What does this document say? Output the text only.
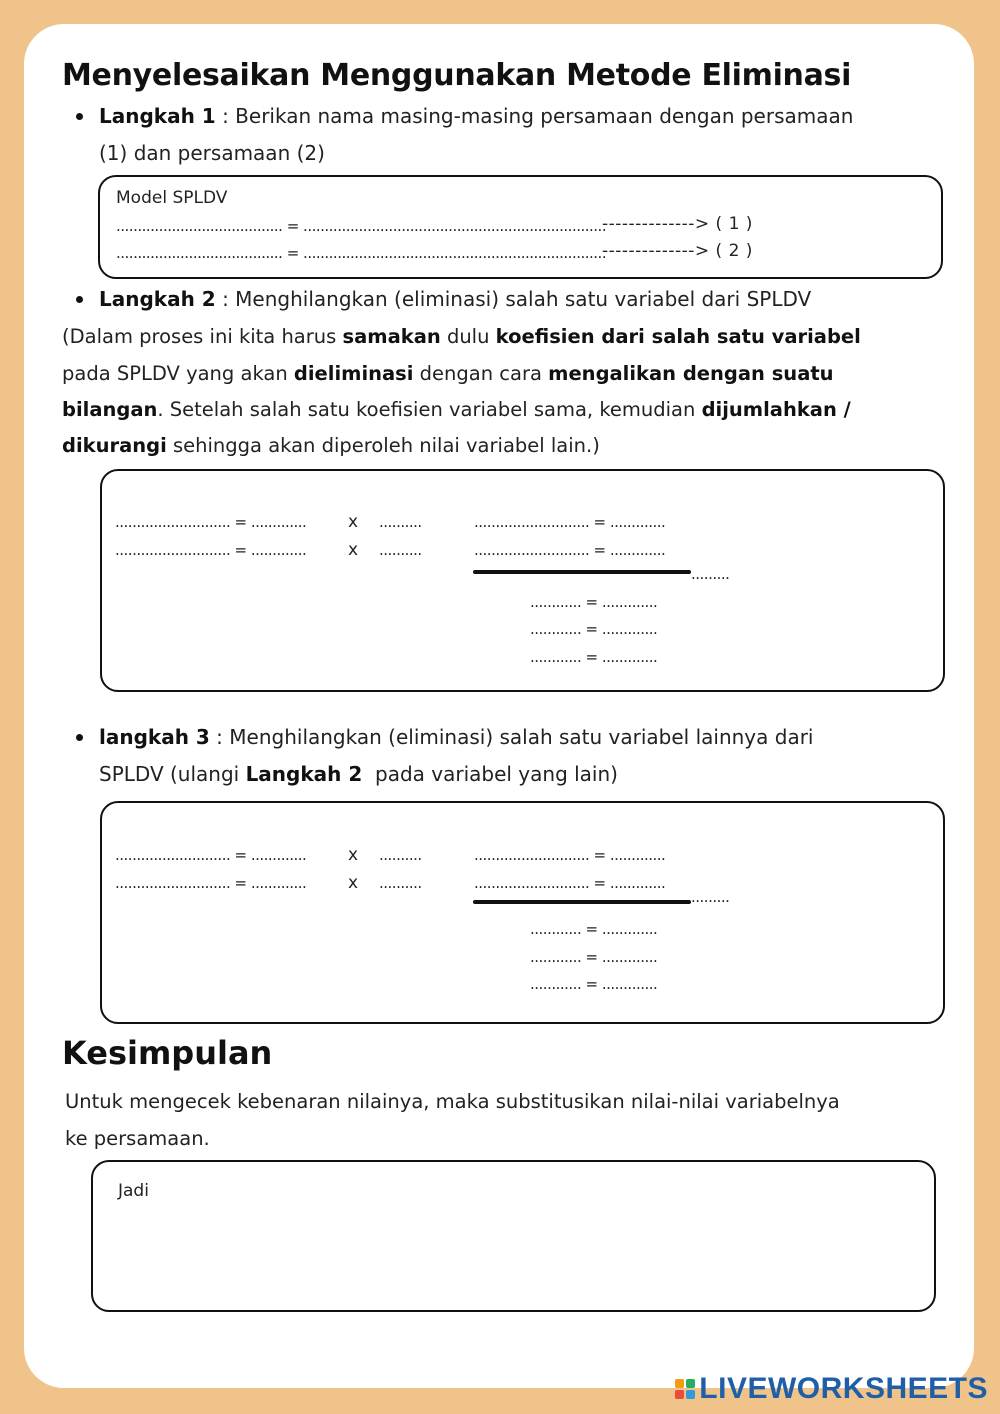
Menyelesaikan Menggunakan Metode Eliminasi
Langkah 1 : Berikan nama masing-masing persamaan dengan persamaan
(1) dan persamaan (2)
Model SPLDV
....................................... = .......................................................................
....................................... = .......................................................................
--------------> ( 1 )
--------------> ( 2 )
Langkah 2 : Menghilangkan (eliminasi) salah satu variabel dari SPLDV
(Dalam proses ini kita harus samakan dulu koefisien dari salah satu variabel
pada SPLDV yang akan dieliminasi dengan cara mengalikan dengan suatu
bilangan. Setelah salah satu koefisien variabel sama, kemudian dijumlahkan /
dikurangi sehingga akan diperoleh nilai variabel lain.)
........................... = .............
........................... = .............
x
x
..........
..........
........................... = .............
........................... = .............
.........
............ = .............
............ = .............
............ = .............
langkah 3 : Menghilangkan (eliminasi) salah satu variabel lainnya dari
SPLDV (ulangi Langkah 2  pada variabel yang lain)
........................... = .............
........................... = .............
x
x
..........
..........
........................... = .............
........................... = .............
.........
............ = .............
............ = .............
............ = .............
Kesimpulan
Untuk mengecek kebenaran nilainya, maka substitusikan nilai-nilai variabelnya
ke persamaan.
Jadi
LIVEWORKSHEETS
